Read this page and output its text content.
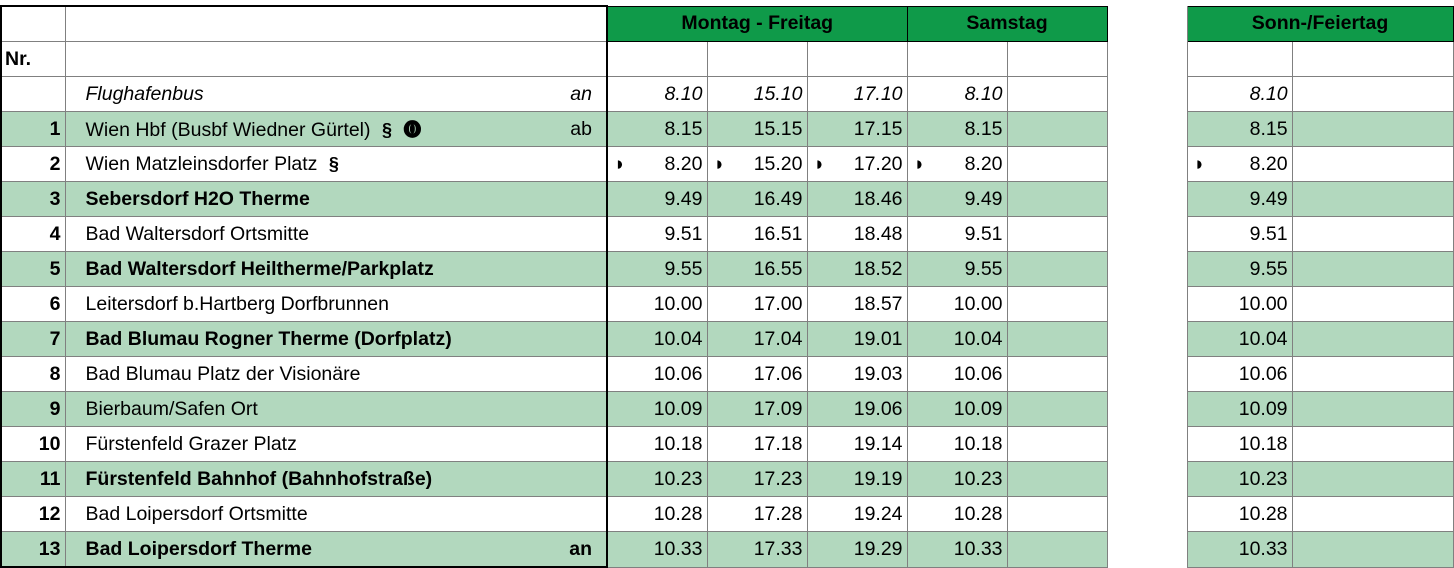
		Montag - Freitag			Samstag			Sonn-/Feiertag	
Nr.									
	Flughafenbus an	8.10	15.10	17.10	8.10			8.10	
1	Wien Hbf (Busbf Wiedner Gürtel) § ⓿ ab	8.15	15.15	17.15	8.15			8.15	
2	Wien Matzleinsdorfer Platz §	◗ 8.20	◗ 15.20	◗ 17.20	◗ 8.20			◗ 8.20	
3	Sebersdorf H2O Therme	9.49	16.49	18.46	9.49			9.49	
4	Bad Waltersdorf Ortsmitte	9.51	16.51	18.48	9.51			9.51	
5	Bad Waltersdorf Heiltherme/Parkplatz	9.55	16.55	18.52	9.55			9.55	
6	Leitersdorf b.Hartberg Dorfbrunnen	10.00	17.00	18.57	10.00			10.00	
7	Bad Blumau Rogner Therme (Dorfplatz)	10.04	17.04	19.01	10.04			10.04	
8	Bad Blumau Platz der Visionäre	10.06	17.06	19.03	10.06			10.06	
9	Bierbaum/Safen Ort	10.09	17.09	19.06	10.09			10.09	
10	Fürstenfeld Grazer Platz	10.18	17.18	19.14	10.18			10.18	
11	Fürstenfeld Bahnhof (Bahnhofstraße)	10.23	17.23	19.19	10.23			10.23	
12	Bad Loipersdorf Ortsmitte	10.28	17.28	19.24	10.28			10.28	
13	Bad Loipersdorf Therme an	10.33	17.33	19.29	10.33			10.33	
